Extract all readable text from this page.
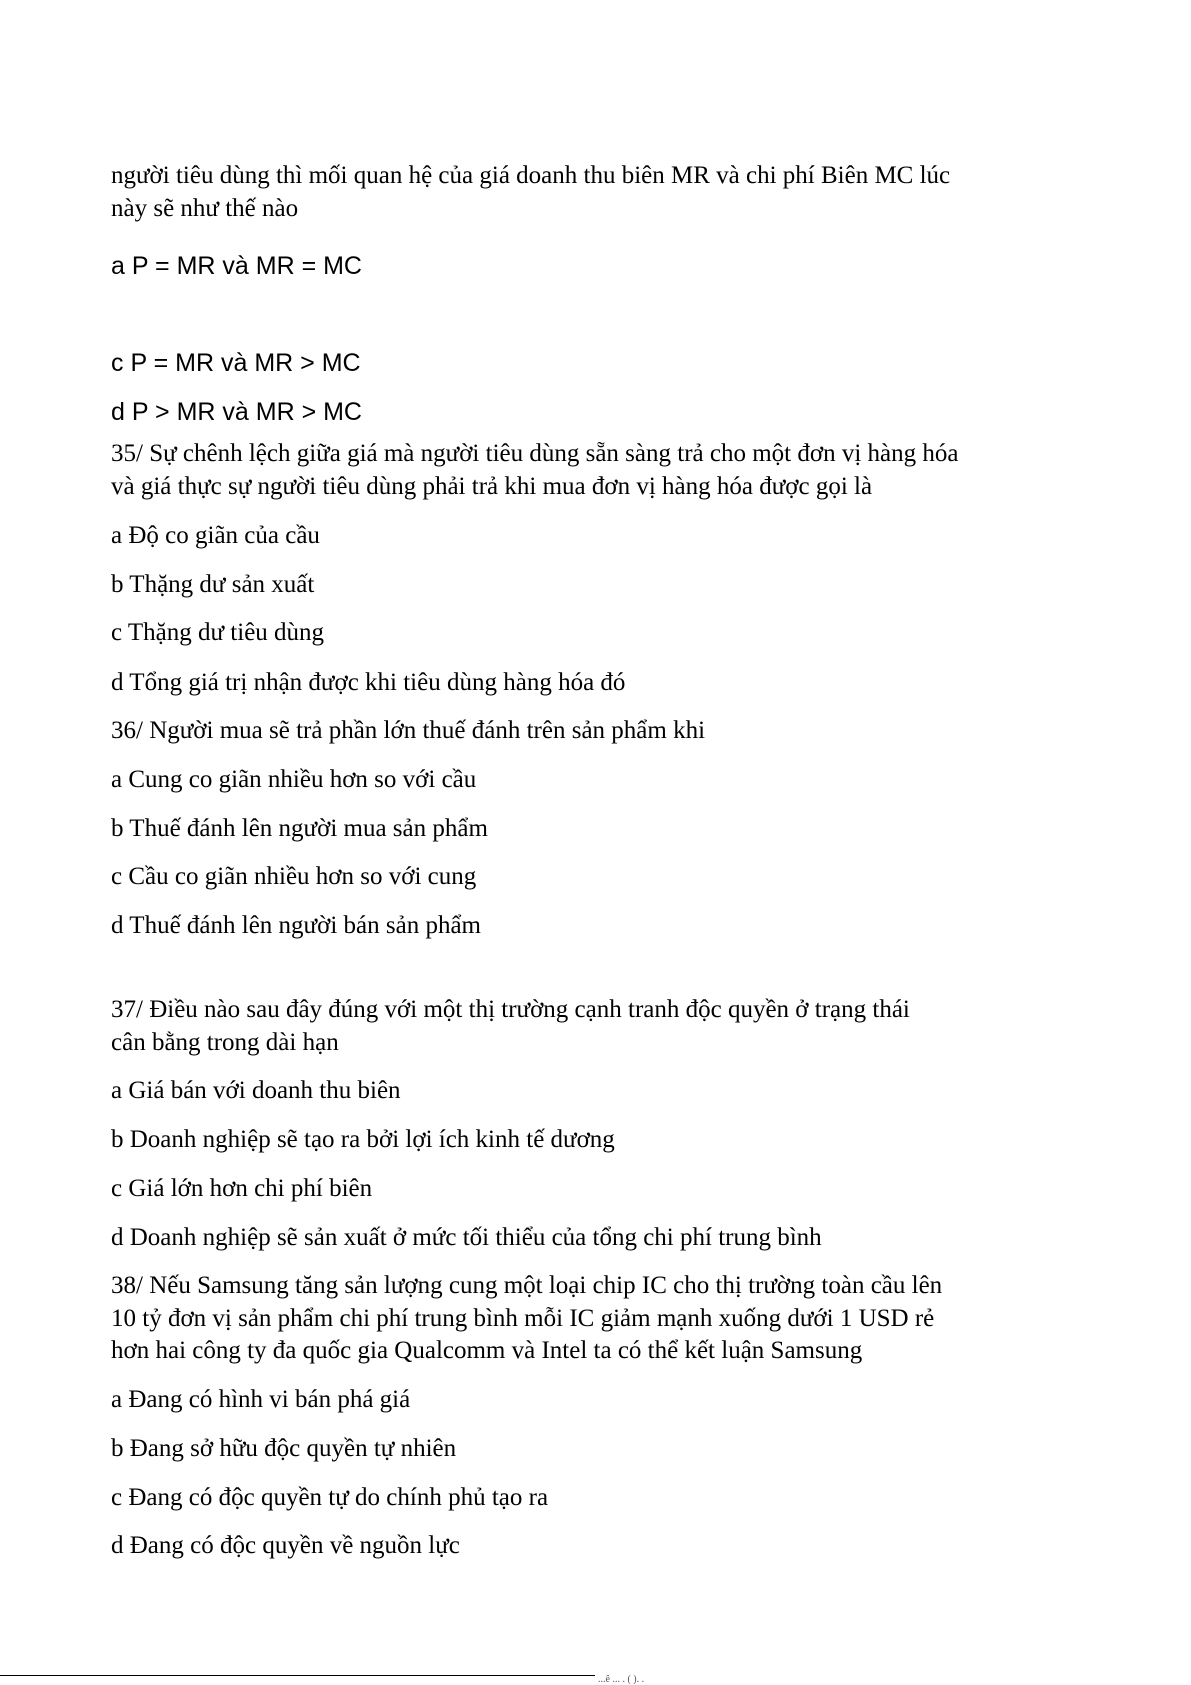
người tiêu dùng thì mối quan hệ của giá doanh thu biên MR và chi phí Biên MC lúc
này sẽ như thế nào
a P = MR và MR = MC
c P = MR và MR > MC
d P > MR và MR > MC
35/ Sự chênh lệch giữa giá mà người tiêu dùng sẵn sàng trả cho một đơn vị hàng hóa
và giá thực sự người tiêu dùng phải trả khi mua đơn vị hàng hóa được gọi là
a Độ co giãn của cầu
b Thặng dư sản xuất
c Thặng dư tiêu dùng
d Tổng giá trị nhận được khi tiêu dùng hàng hóa đó
36/ Người mua sẽ trả phần lớn thuế đánh trên sản phẩm khi
a Cung co giãn nhiều hơn so với cầu
b Thuế đánh lên người mua sản phẩm
c Cầu co giãn nhiều hơn so với cung
d Thuế đánh lên người bán sản phẩm
37/ Điều nào sau đây đúng với một thị trường cạnh tranh độc quyền ở trạng thái
cân bằng trong dài hạn
a Giá bán với doanh thu biên
b Doanh nghiệp sẽ tạo ra bởi lợi ích kinh tế dương
c Giá lớn hơn chi phí biên
d Doanh nghiệp sẽ sản xuất ở mức tối thiểu của tổng chi phí trung bình
38/ Nếu Samsung tăng sản lượng cung một loại chip IC cho thị trường toàn cầu lên
10 tỷ đơn vị sản phẩm chi phí trung bình mỗi IC giảm mạnh xuống dưới 1 USD rẻ
hơn hai công ty đa quốc gia Qualcomm và Intel ta có thể kết luận Samsung
a Đang có hình vi bán phá giá
b Đang sở hữu độc quyền tự nhiên
c Đang có độc quyền tự do chính phủ tạo ra
d Đang có độc quyền về nguồn lực
...ễ ... . ( ). .
